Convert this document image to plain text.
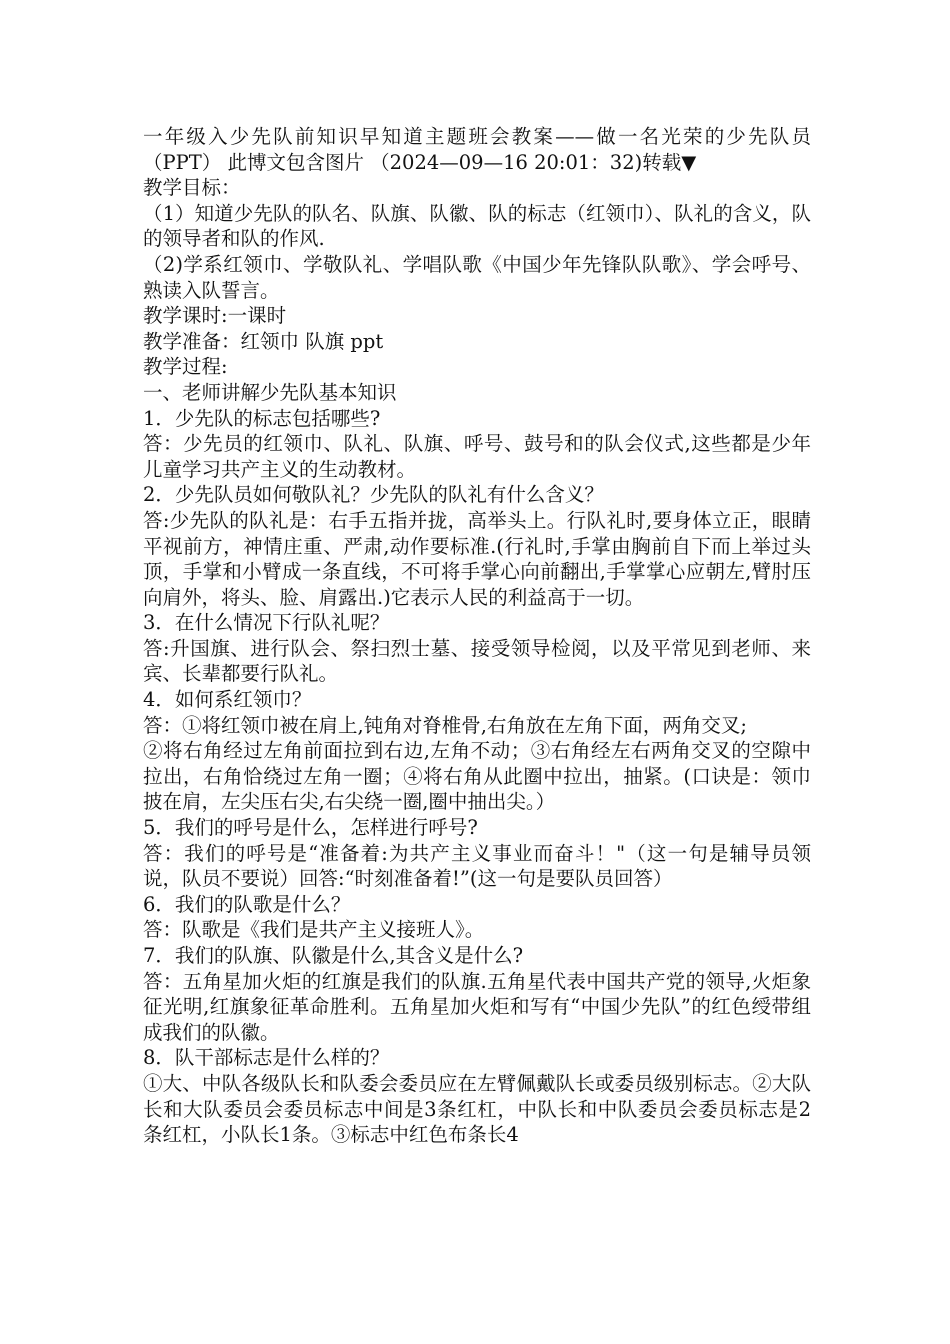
一年级入少先队前知识早知道主题班会教案——做一名光荣的少先队员（PPT） 此博文包含图片 （2024—09—16 20:01：32)转载▼

教学目标：

（1）知道少先队的队名、队旗、队徽、队的标志（红领巾）、队礼的含义，队的领导者和队的作风.

（2)学系红领巾、学敬队礼、学唱队歌《中国少年先锋队队歌》、学会呼号、熟读入队誓言。

教学课时:一课时

教学准备：红领巾 队旗 ppt

教学过程:

一、老师讲解少先队基本知识

1．少先队的标志包括哪些?

答：少先员的红领巾、队礼、队旗、呼号、鼓号和的队会仪式,这些都是少年儿童学习共产主义的生动教材。

2．少先队员如何敬队礼？少先队的队礼有什么含义？

答:少先队的队礼是：右手五指并拢，高举头上。行队礼时,要身体立正，眼睛平视前方，神情庄重、严肃,动作要标准.(行礼时,手掌由胸前自下而上举过头顶，手掌和小臂成一条直线，不可将手掌心向前翻出,手掌掌心应朝左,臂肘压向肩外，将头、脸、肩露出.)它表示人民的利益高于一切。

3．在什么情况下行队礼呢？

答:升国旗、进行队会、祭扫烈士墓、接受领导检阅，以及平常见到老师、来宾、长辈都要行队礼。

4．如何系红领巾？

答：①将红领巾被在肩上,钝角对脊椎骨,右角放在左角下面，两角交叉;

②将右角经过左角前面拉到右边,左角不动；③右角经左右两角交叉的空隙中拉出，右角恰绕过左角一圈；④将右角从此圈中拉出，抽紧。(口诀是：领巾披在肩，左尖压右尖,右尖绕一圈,圈中抽出尖。）

5．我们的呼号是什么，怎样进行呼号?

答：我们的呼号是“准备着:为共产主义事业而奋斗！"（这一句是辅导员领说，队员不要说）回答:“时刻准备着!”(这一句是要队员回答）

6．我们的队歌是什么？

答：队歌是《我们是共产主义接班人》。

7．我们的队旗、队徽是什么,其含义是什么?

答：五角星加火炬的红旗是我们的队旗.五角星代表中国共产党的领导,火炬象征光明,红旗象征革命胜利。五角星加火炬和写有“中国少先队”的红色绶带组成我们的队徽。

8．队干部标志是什么样的？

①大、中队各级队长和队委会委员应在左臂佩戴队长或委员级别标志。②大队长和大队委员会委员标志中间是3条红杠，中队长和中队委员会委员标志是2条红杠，小队长1条。③标志中红色布条长4
